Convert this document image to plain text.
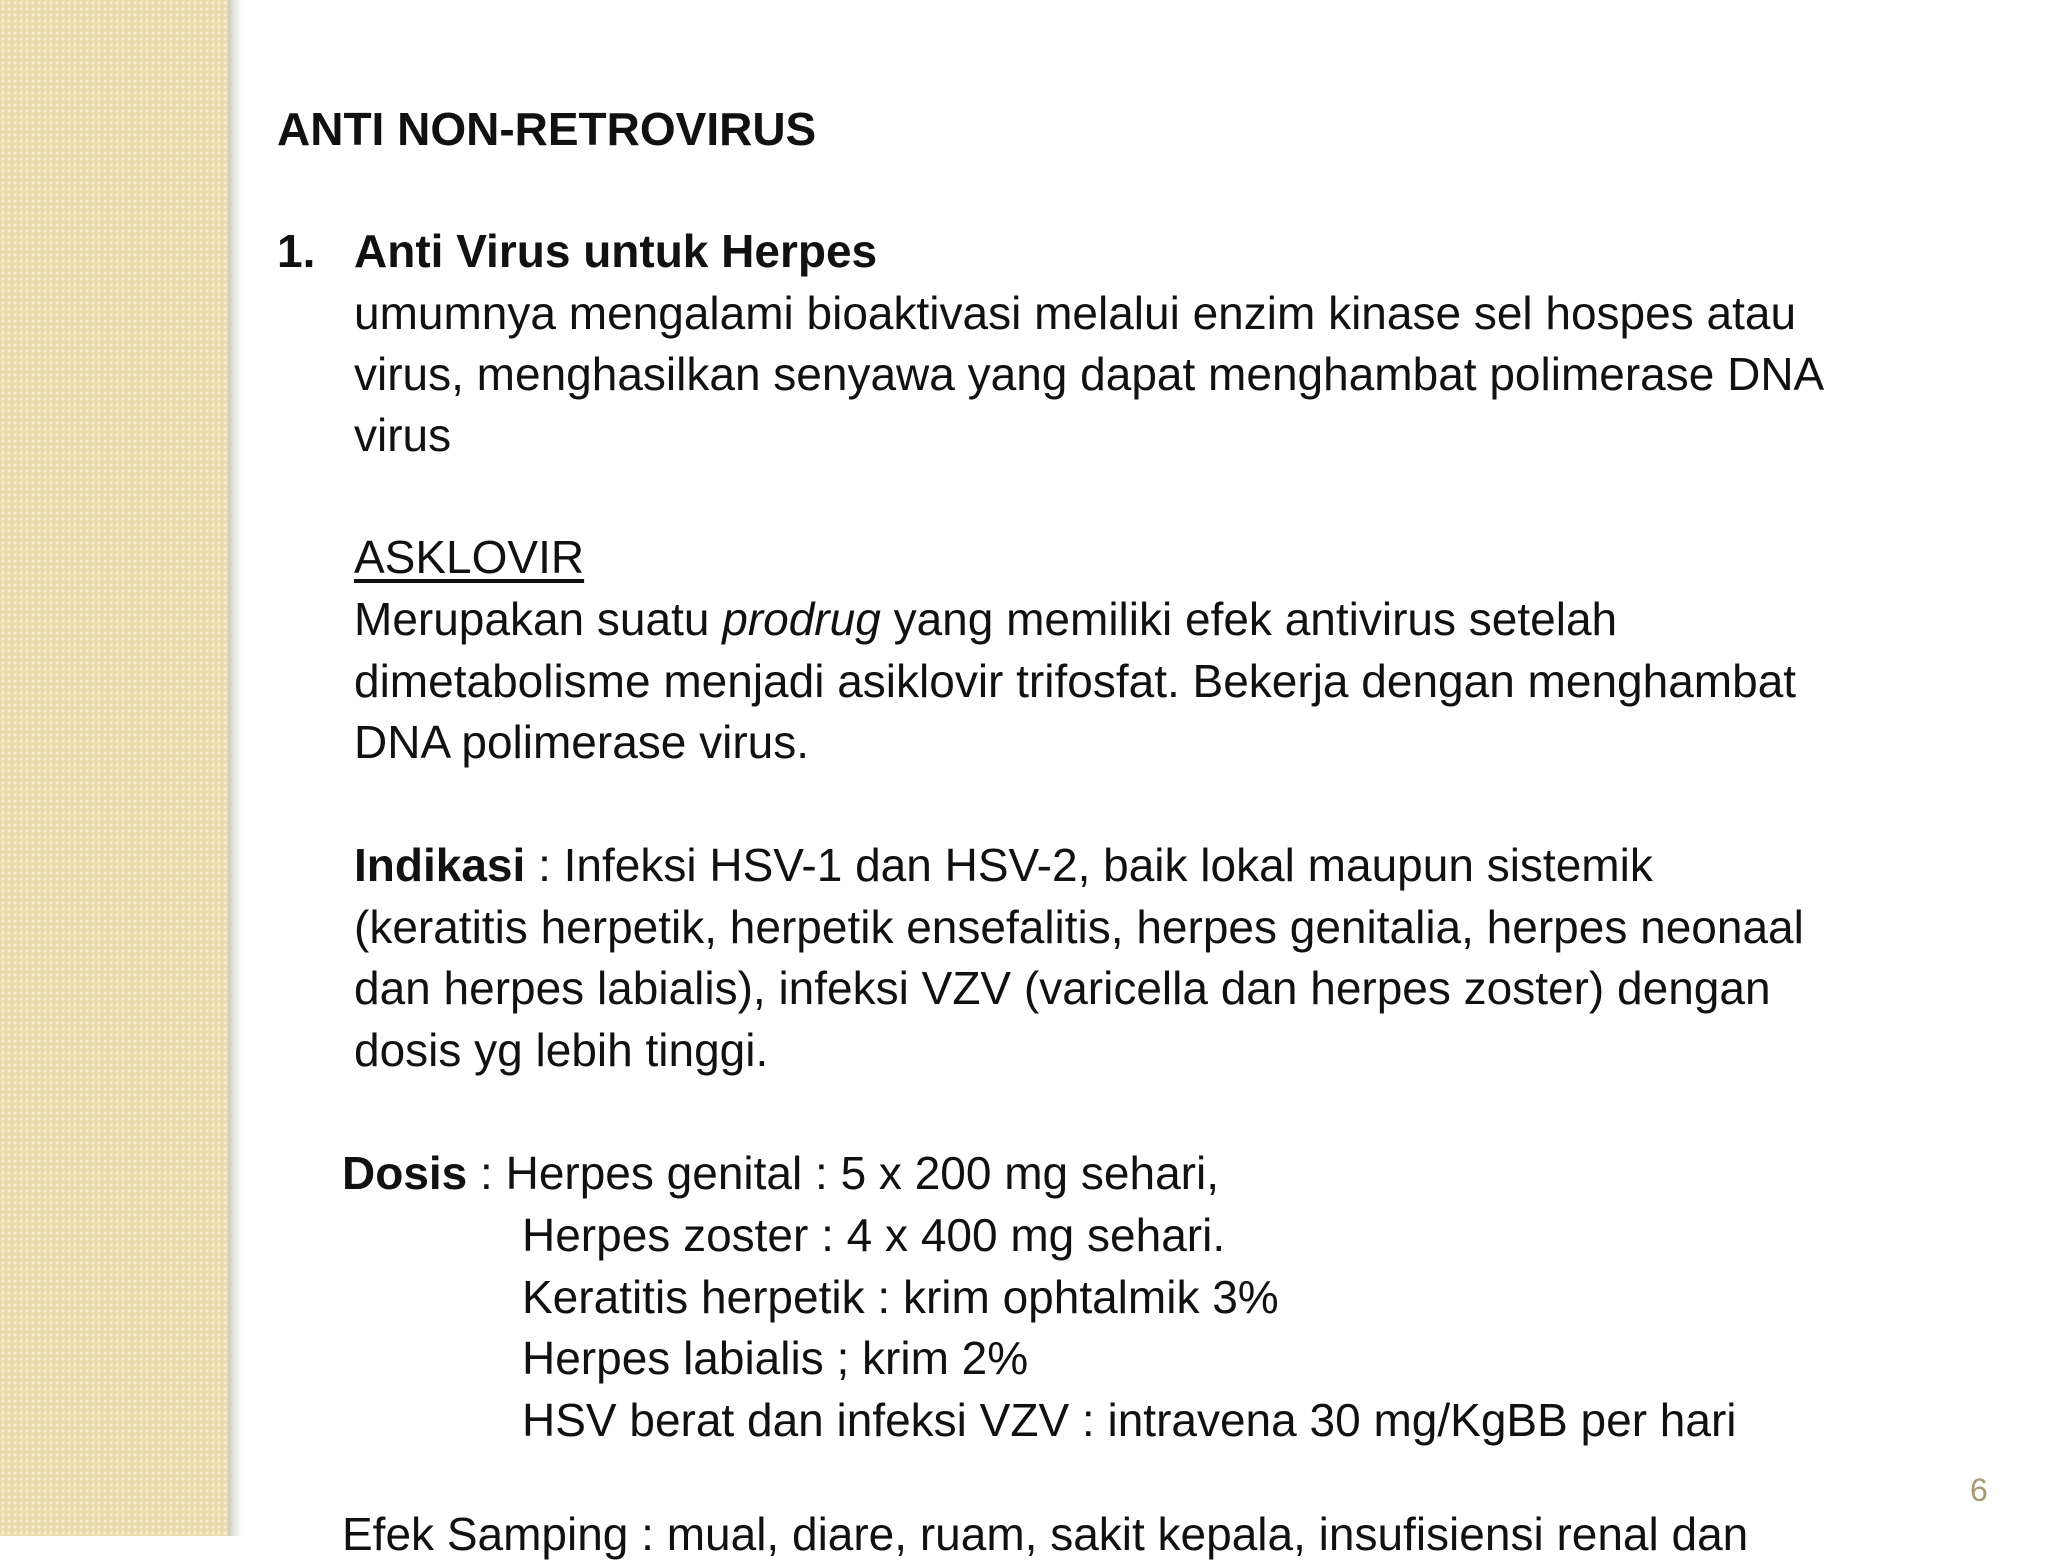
ANTI NON-RETROVIRUS
1. Anti Virus untuk Herpes
umumnya mengalami bioaktivasi melalui enzim kinase sel hospes atau
virus, menghasilkan senyawa yang dapat menghambat polimerase DNA
virus
ASKLOVIR
Merupakan suatu prodrug yang memiliki efek antivirus setelah
dimetabolisme menjadi asiklovir trifosfat. Bekerja dengan menghambat
DNA polimerase virus.
Indikasi : Infeksi HSV-1 dan HSV-2, baik lokal maupun sistemik
(keratitis herpetik, herpetik ensefalitis, herpes genitalia, herpes neonaal
dan herpes labialis), infeksi VZV (varicella dan herpes zoster) dengan
dosis yg lebih tinggi.
Dosis : Herpes genital : 5 x 200 mg sehari,
Herpes zoster : 4 x 400 mg sehari.
Keratitis herpetik : krim ophtalmik 3%
Herpes labialis ; krim 2%
HSV berat dan infeksi VZV : intravena 30 mg/KgBB per hari
Efek Samping : mual, diare, ruam, sakit kepala, insufisiensi renal dan
6
